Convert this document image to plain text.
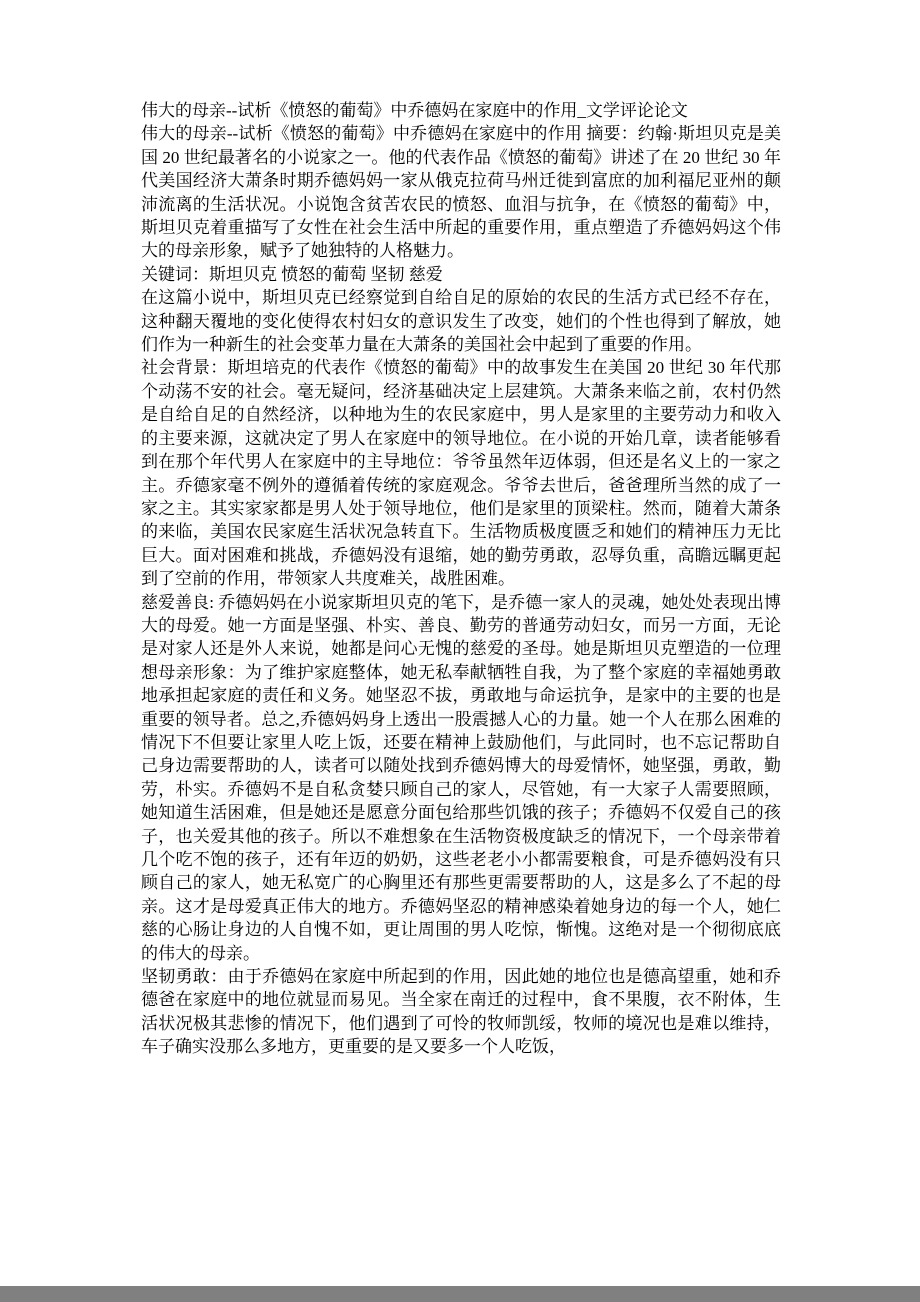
伟大的母亲--试析《愤怒的葡萄》中乔德妈在家庭中的作用_文学评论论文

伟大的母亲--试析《愤怒的葡萄》中乔德妈在家庭中的作用 摘要：约翰·斯坦贝克是美国 20 世纪最著名的小说家之一。他的代表作品《愤怒的葡萄》讲述了在 20 世纪 30 年代美国经济大萧条时期乔德妈妈一家从俄克拉荷马州迁徙到富庶的加利福尼亚州的颠沛流离的生活状况。小说饱含贫苦农民的愤怒、血泪与抗争，在《愤怒的葡萄》中，斯坦贝克着重描写了女性在社会生活中所起的重要作用，重点塑造了乔德妈妈这个伟大的母亲形象，赋予了她独特的人格魅力。

关键词：斯坦贝克 愤怒的葡萄 坚韧 慈爱

在这篇小说中，斯坦贝克已经察觉到自给自足的原始的农民的生活方式已经不存在，这种翻天覆地的变化使得农村妇女的意识发生了改变，她们的个性也得到了解放，她们作为一种新生的社会变革力量在大萧条的美国社会中起到了重要的作用。

社会背景：斯坦培克的代表作《愤怒的葡萄》中的故事发生在美国 20 世纪 30 年代那个动荡不安的社会。毫无疑问，经济基础决定上层建筑。大萧条来临之前，农村仍然是自给自足的自然经济，以种地为生的农民家庭中，男人是家里的主要劳动力和收入的主要来源，这就决定了男人在家庭中的领导地位。在小说的开始几章，读者能够看到在那个年代男人在家庭中的主导地位：爷爷虽然年迈体弱，但还是名义上的一家之主。乔德家毫不例外的遵循着传统的家庭观念。爷爷去世后，爸爸理所当然的成了一家之主。其实家家都是男人处于领导地位，他们是家里的顶梁柱。然而，随着大萧条的来临，美国农民家庭生活状况急转直下。生活物质极度匮乏和她们的精神压力无比巨大。面对困难和挑战，乔德妈没有退缩，她的勤劳勇敢，忍辱负重，高瞻远瞩更起到了空前的作用，带领家人共度难关，战胜困难。

慈爱善良: 乔德妈妈在小说家斯坦贝克的笔下，是乔德一家人的灵魂，她处处表现出博大的母爱。她一方面是坚强、朴实、善良、勤劳的普通劳动妇女，而另一方面，无论是对家人还是外人来说，她都是问心无愧的慈爱的圣母。她是斯坦贝克塑造的一位理想母亲形象：为了维护家庭整体，她无私奉献牺牲自我，为了整个家庭的幸福她勇敢地承担起家庭的责任和义务。她坚忍不拔，勇敢地与命运抗争，是家中的主要的也是重要的领导者。总之,乔德妈妈身上透出一股震撼人心的力量。她一个人在那么困难的情况下不但要让家里人吃上饭，还要在精神上鼓励他们，与此同时，也不忘记帮助自己身边需要帮助的人，读者可以随处找到乔德妈博大的母爱情怀，她坚强，勇敢，勤劳，朴实。乔德妈不是自私贪婪只顾自己的家人，尽管她，有一大家子人需要照顾，她知道生活困难，但是她还是愿意分面包给那些饥饿的孩子；乔德妈不仅爱自己的孩子，也关爱其他的孩子。所以不难想象在生活物资极度缺乏的情况下，一个母亲带着几个吃不饱的孩子，还有年迈的奶奶，这些老老小小都需要粮食，可是乔德妈没有只顾自己的家人，她无私宽广的心胸里还有那些更需要帮助的人，这是多么了不起的母亲。这才是母爱真正伟大的地方。乔德妈坚忍的精神感染着她身边的每一个人，她仁慈的心肠让身边的人自愧不如，更让周围的男人吃惊，惭愧。这绝对是一个彻彻底底的伟大的母亲。

坚韧勇敢：由于乔德妈在家庭中所起到的作用，因此她的地位也是德高望重，她和乔德爸在家庭中的地位就显而易见。当全家在南迁的过程中，食不果腹，衣不附体，生活状况极其悲惨的情况下，他们遇到了可怜的牧师凯绥，牧师的境况也是难以维持，车子确实没那么多地方，更重要的是又要多一个人吃饭，
